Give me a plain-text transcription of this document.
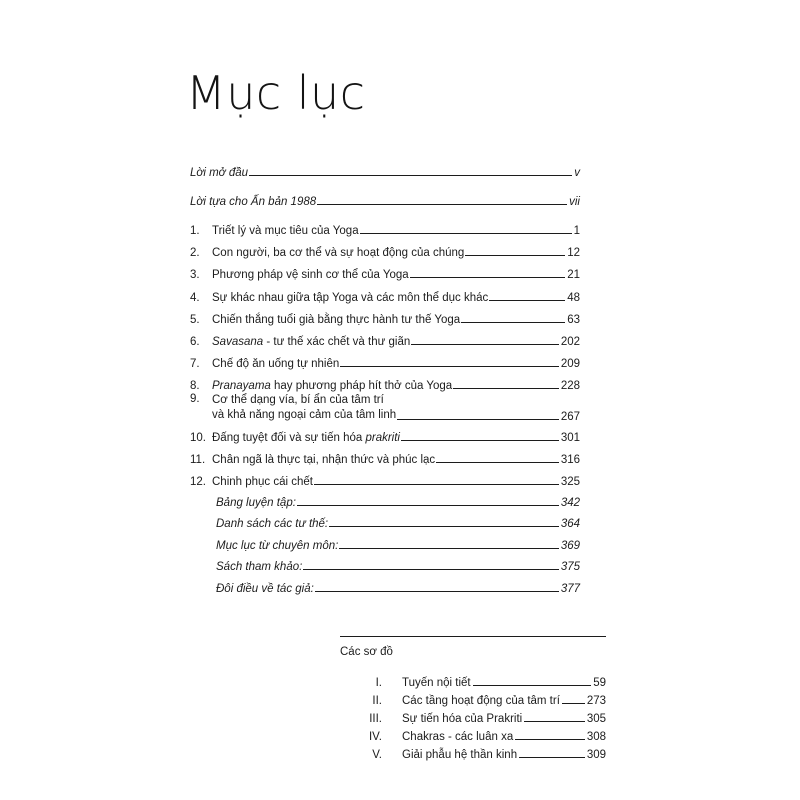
Mục lục
Lời mở đầu	v
Lời tựa cho Ấn bản 1988	vii
1.	Triết lý và mục tiêu của Yoga	1
2.	Con người, ba cơ thể và sự hoạt động của chúng	12
3.	Phương pháp vệ sinh cơ thể của Yoga	21
4.	Sự khác nhau giữa tập Yoga và các môn thể dục khác	48
5.	Chiến thắng tuổi già bằng thực hành tư thế Yoga	63
6.	Savasana - tư thế xác chết và thư giãn	202
7.	Chế độ ăn uống tự nhiên	209
8.	Pranayama hay phương pháp hít thở của Yoga	228
9.	Cơ thể dạng vía, bí ẩn của tâm trí
và khả năng ngoại cảm của tâm linh	267
10. Đấng tuyệt đối và sự tiến hóa prakriti	301
11. Chân ngã là thực tại, nhận thức và phúc lạc	316
12. Chinh phục cái chết	325
Bảng luyện tập:	342
Danh sách các tư thế:	364
Mục lục từ chuyên môn:	369
Sách tham khảo:	375
Đôi điều về tác giả:	377
Các sơ đồ
I.	Tuyến nội tiết	59
II.	Các tầng hoạt động của tâm trí 273
III.	Sự tiến hóa của Prakriti	305
IV.	Chakras - các luân xa	308
V.	Giải phẫu hệ thần kinh	309
